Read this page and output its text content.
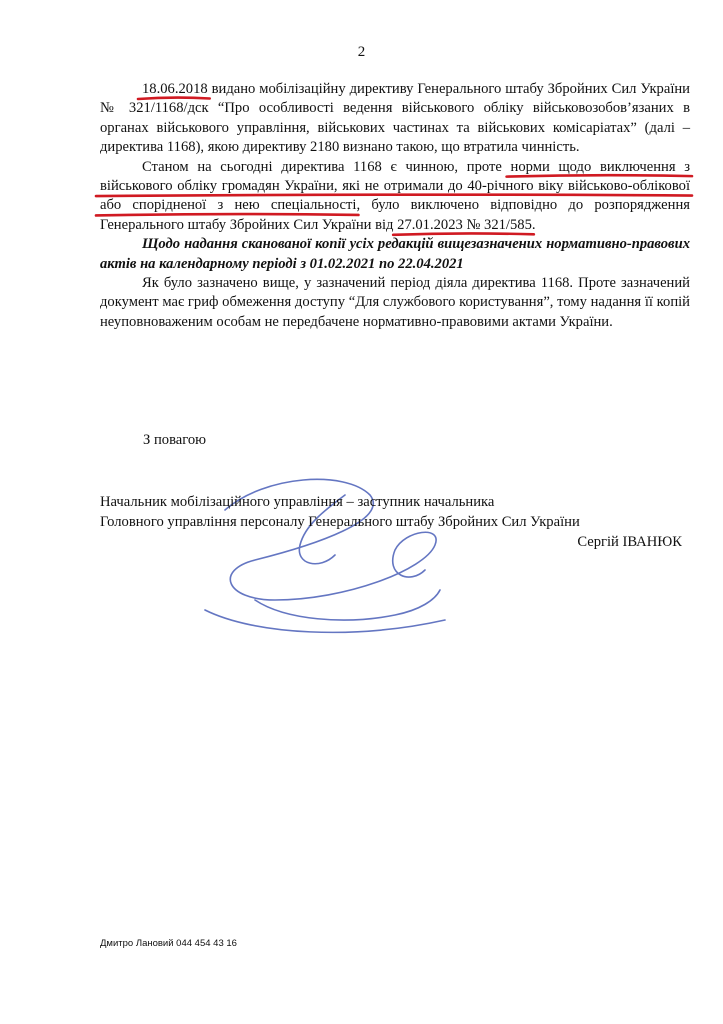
2

18.06.2018 видано мобілізаційну директиву Генерального штабу Збройних Сил України № 321/1168/дск “Про особливості ведення військового обліку військовозобов’язаних в органах військового управління, військових частинах та військових комісаріатах” (далі – директива 1168), якою директиву 2180 визнано такою, що втратила чинність.

Станом на сьогодні директива 1168 є чинною, проте норми щодо виключення з військового обліку громадян України, які не отримали до 40-річного віку військово-облікової або спорідненої з нею спеціальності, було виключено відповідно до розпорядження Генерального штабу Збройних Сил України від 27.01.2023 № 321/585.

Щодо надання сканованої копії усіх редакцій вищезазначених нормативно-правових актів на календарному періоді з 01.02.2021 по 22.04.2021

Як було зазначено вище, у зазначений період діяла директива 1168. Проте зазначений документ має гриф обмеження доступу “Для службового користування”, тому надання її копій неуповноваженим особам не передбачене нормативно-правовими актами України.

З повагою
Начальник мобілізаційного управління – заступник начальника
Головного управління персоналу Генерального штабу Збройних Сил України
Сергій ІВАНЮК
Дмитро Лановий 044 454 43 16
